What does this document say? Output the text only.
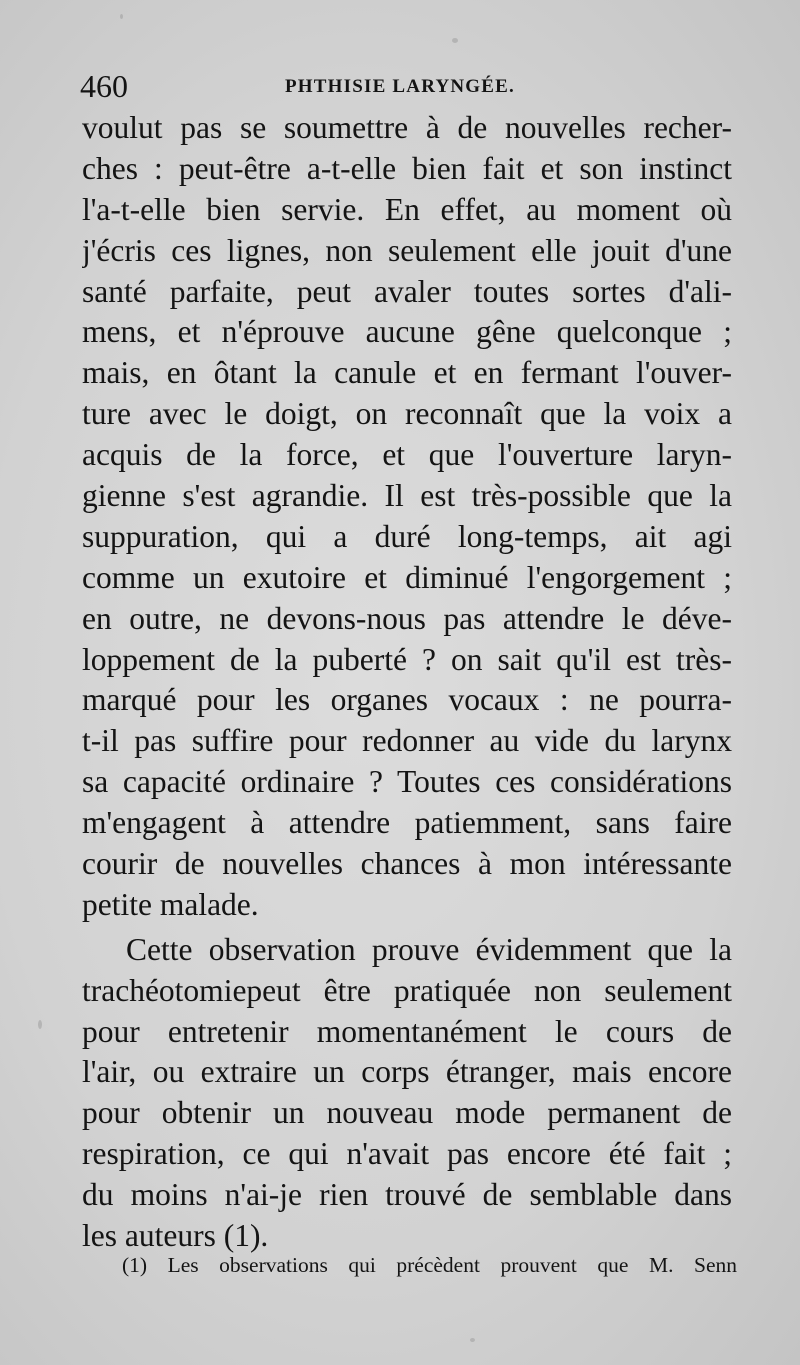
460	PHTHISIE LARYNGÉE.
voulut pas se soumettre à de nouvelles recher-
ches : peut-être a-t-elle bien fait et son instinct
l'a-t-elle bien servie. En effet, au moment où
j'écris ces lignes, non seulement elle jouit d'une
santé parfaite, peut avaler toutes sortes d'ali-
mens, et n'éprouve aucune gêne quelconque ;
mais, en ôtant la canule et en fermant l'ouver-
ture avec le doigt, on reconnaît que la voix a
acquis de la force, et que l'ouverture laryn-
gienne s'est agrandie. Il est très-possible que la
suppuration, qui a duré long-temps, ait agi
comme un exutoire et diminué l'engorgement ;
en outre, ne devons-nous pas attendre le déve-
loppement de la puberté ? on sait qu'il est très-
marqué pour les organes vocaux : ne pourra-
t-il pas suffire pour redonner au vide du larynx
sa capacité ordinaire ? Toutes ces considérations
m'engagent à attendre patiemment, sans faire
courir de nouvelles chances à mon intéressante
petite malade.
Cette observation prouve évidemment que la
trachéotomiepeut être pratiquée non seulement
pour entretenir momentanément le cours de
l'air, ou extraire un corps étranger, mais encore
pour obtenir un nouveau mode permanent de
respiration, ce qui n'avait pas encore été fait ;
du moins n'ai-je rien trouvé de semblable dans
les auteurs (1).
(1) Les observations qui précèdent prouvent que M. Senn
